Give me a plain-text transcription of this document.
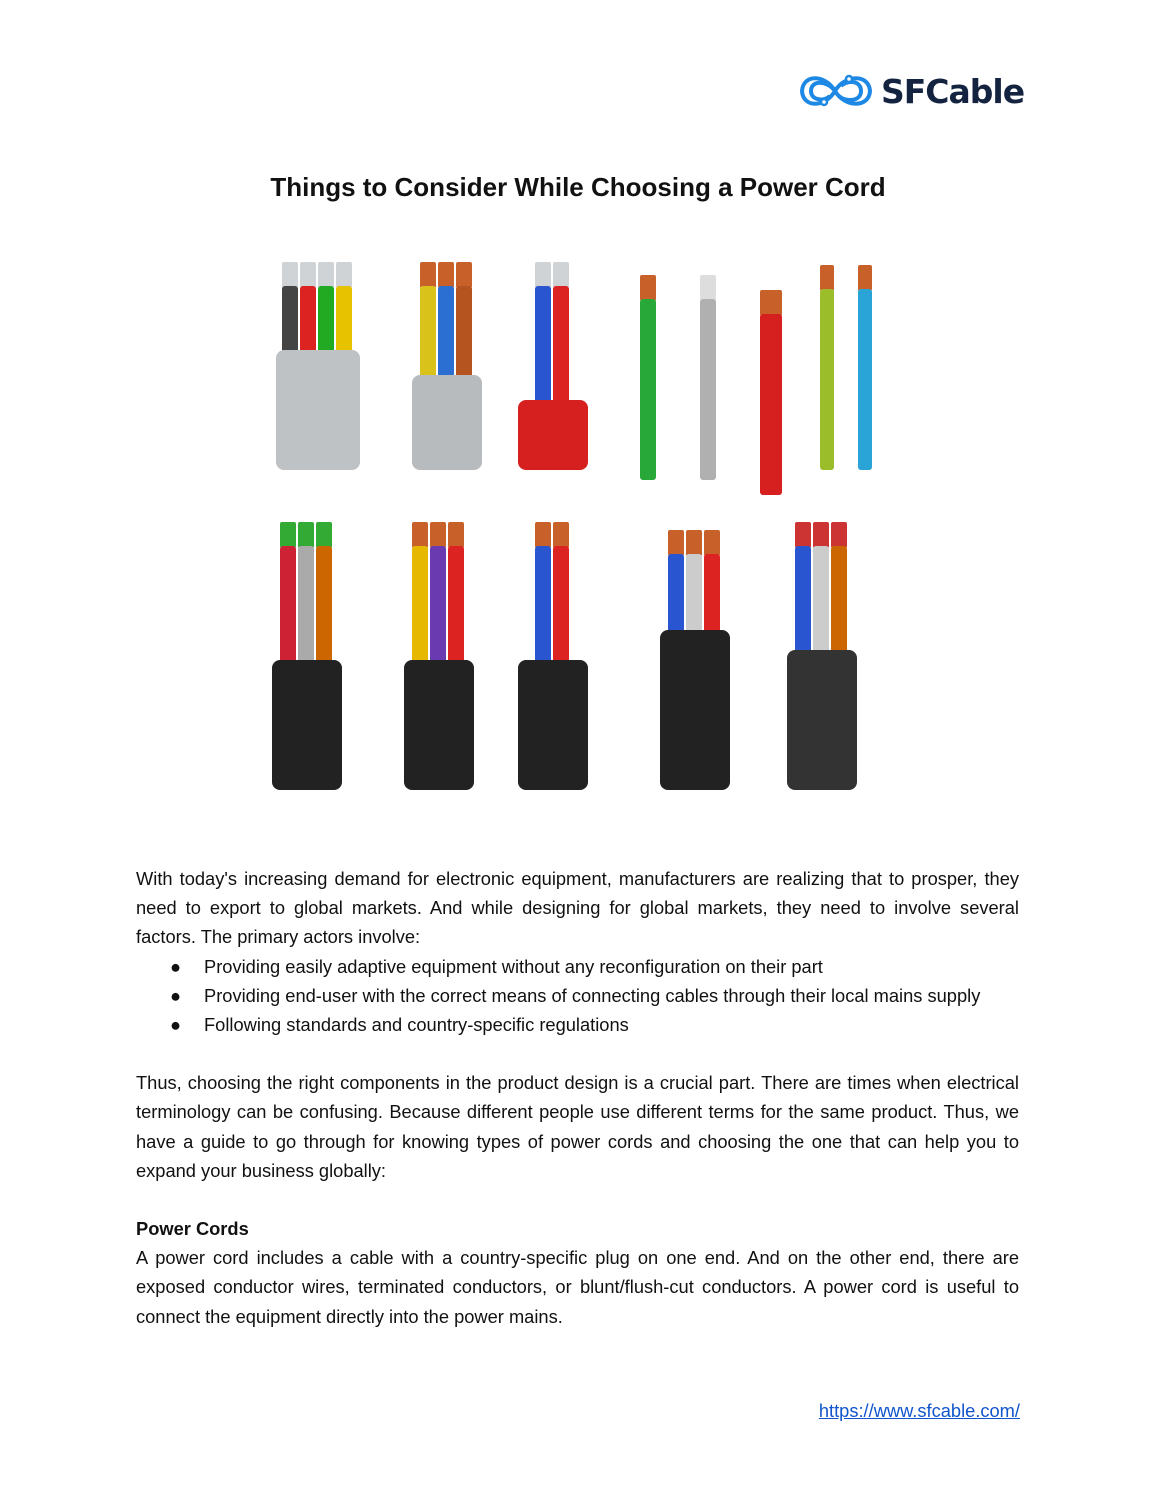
SFCable
Things to Consider While Choosing a Power Cord

With today's increasing demand for electronic equipment, manufacturers are realizing that to prosper, they need to export to global markets. And while designing for global markets, they need to involve several factors. The primary actors involve:

● Providing easily adaptive equipment without any reconfiguration on their part
● Providing end-user with the correct means of connecting cables through their local mains supply
● Following standards and country-specific regulations

Thus, choosing the right components in the product design is a crucial part. There are times when electrical terminology can be confusing. Because different people use different terms for the same product. Thus, we have a guide to go through for knowing types of power cords and choosing the one that can help you to expand your business globally:

Power Cords

A power cord includes a cable with a country-specific plug on one end. And on the other end, there are exposed conductor wires, terminated conductors, or blunt/flush-cut conductors. A power cord is useful to connect the equipment directly into the power mains.

https://www.sfcable.com/
